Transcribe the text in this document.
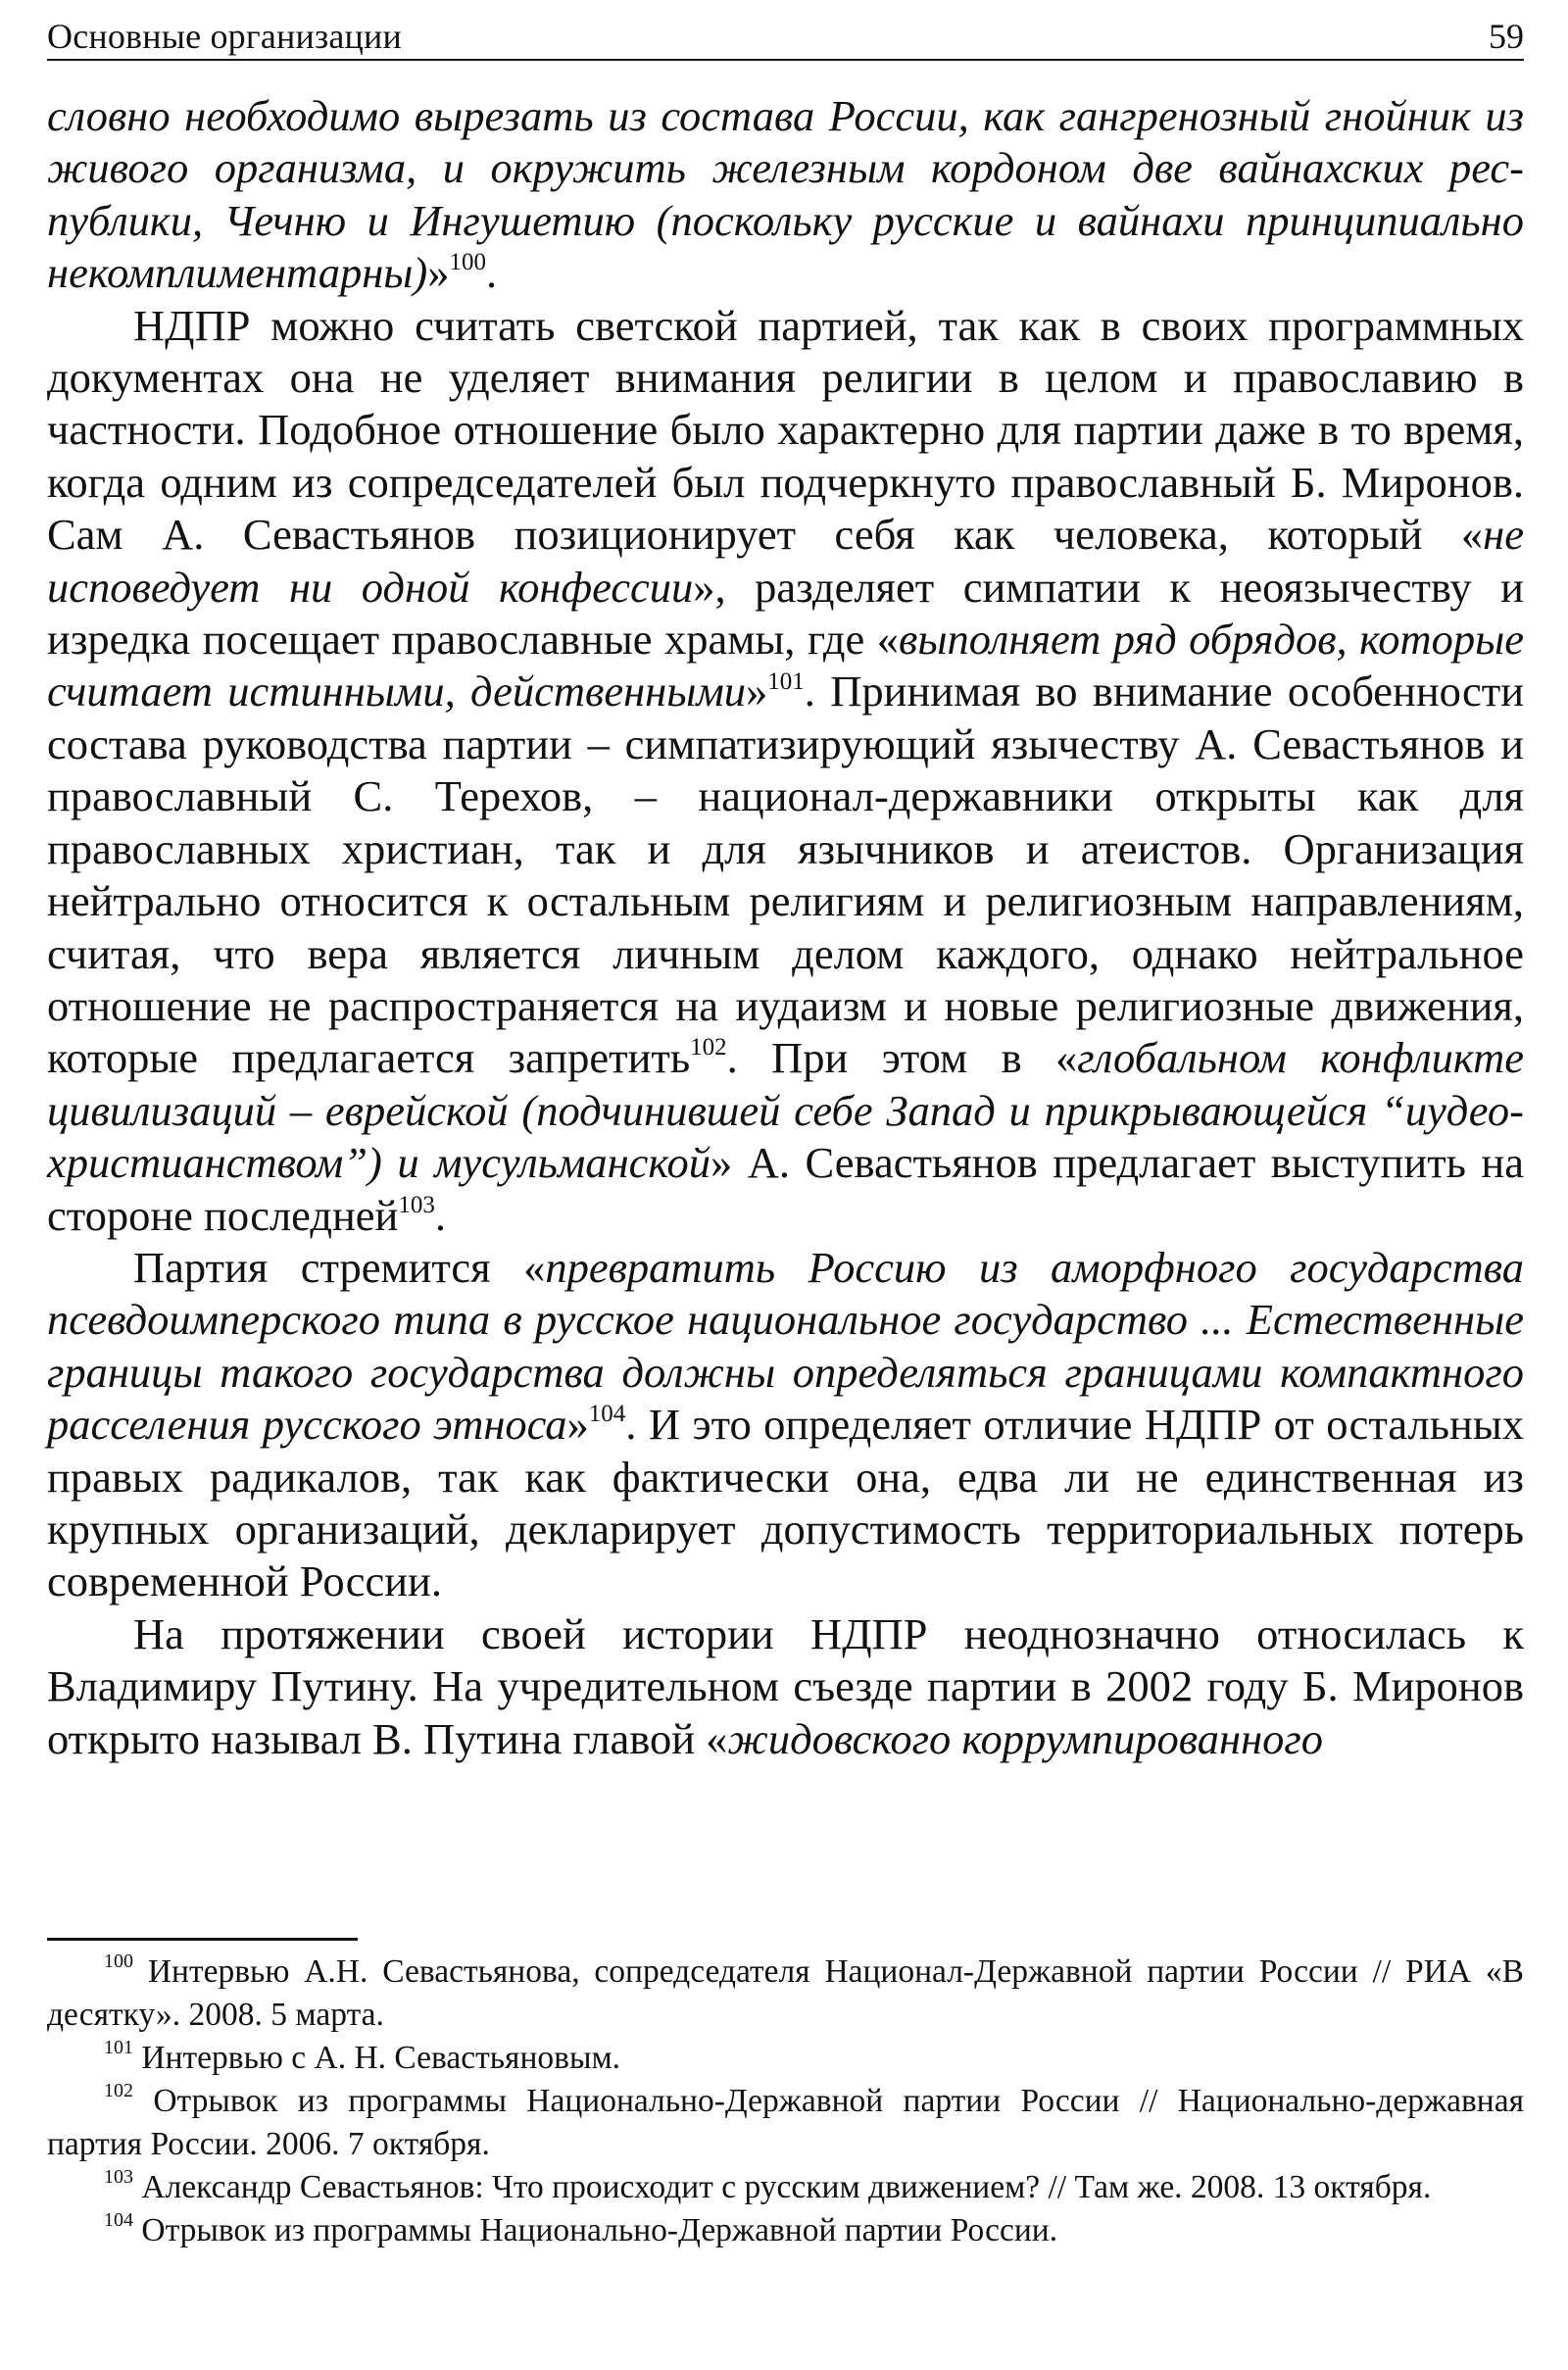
Основные организации	59

словно необходимо вырезать из состава России, как гангренозный гнойник из живого организма, и окружить железным кордоном две вайнахских республики, Чечню и Ингушетию (поскольку русские и вайнахи принципиально некомплиментарны)»$^{100}$.

НДПР можно считать светской партией, так как в своих программных документах она не уделяет внимания религии в целом и православию в частности. Подобное отношение было характерно для партии даже в то время, когда одним из сопредседателей был подчеркнуто православный Б. Миронов. Сам А. Севастьянов позиционирует себя как человека, который «не исповедует ни одной конфессии», разделяет симпатии к неоязычеству и изредка посещает православные храмы, где «выполняет ряд обрядов, которые считает истинными, действенными»$^{101}$. Принимая во внимание особенности состава руководства партии – симпатизирующий язычеству А. Севастьянов и православный С. Терехов, – национал-державники открыты как для православных христиан, так и для язычников и атеистов. Организация нейтрально относится к остальным религиям и религиозным направлениям, считая, что вера является личным делом каждого, однако нейтральное отношение не распространяется на иудаизм и новые религиозные движения, которые предлагается запретить$^{102}$. При этом в «глобальном конфликте цивилизаций – еврейской (подчинившей себе Запад и прикрывающейся “иудео-христианством”) и мусульманской» А. Севастьянов предлагает выступить на стороне последней$^{103}$.

Партия стремится «превратить Россию из аморфного государства псевдоимперского типа в русское национальное государство ... Естественные границы такого государства должны определяться границами компактного расселения русского этноса»$^{104}$. И это определяет отличие НДПР от остальных правых радикалов, так как фактически она, едва ли не единственная из крупных организаций, декларирует допустимость территориальных потерь современной России.

На протяжении своей истории НДПР неоднозначно относилась к Владимиру Путину. На учредительном съезде партии в 2002 году Б. Миронов открыто называл В. Путина главой «жидовского коррумпированного

$^{100}$ Интервью А.Н. Севастьянова, сопредседателя Национал-Державной партии России // РИА «В десятку». 2008. 5 марта.

$^{101}$ Интервью с А. Н. Севастьяновым.

$^{102}$ Отрывок из программы Национально-Державной партии России // Национально-державная партия России. 2006. 7 октября.

$^{103}$ Александр Севастьянов: Что происходит с русским движением? // Там же. 2008. 13 октября.

$^{104}$ Отрывок из программы Национально-Державной партии России.
